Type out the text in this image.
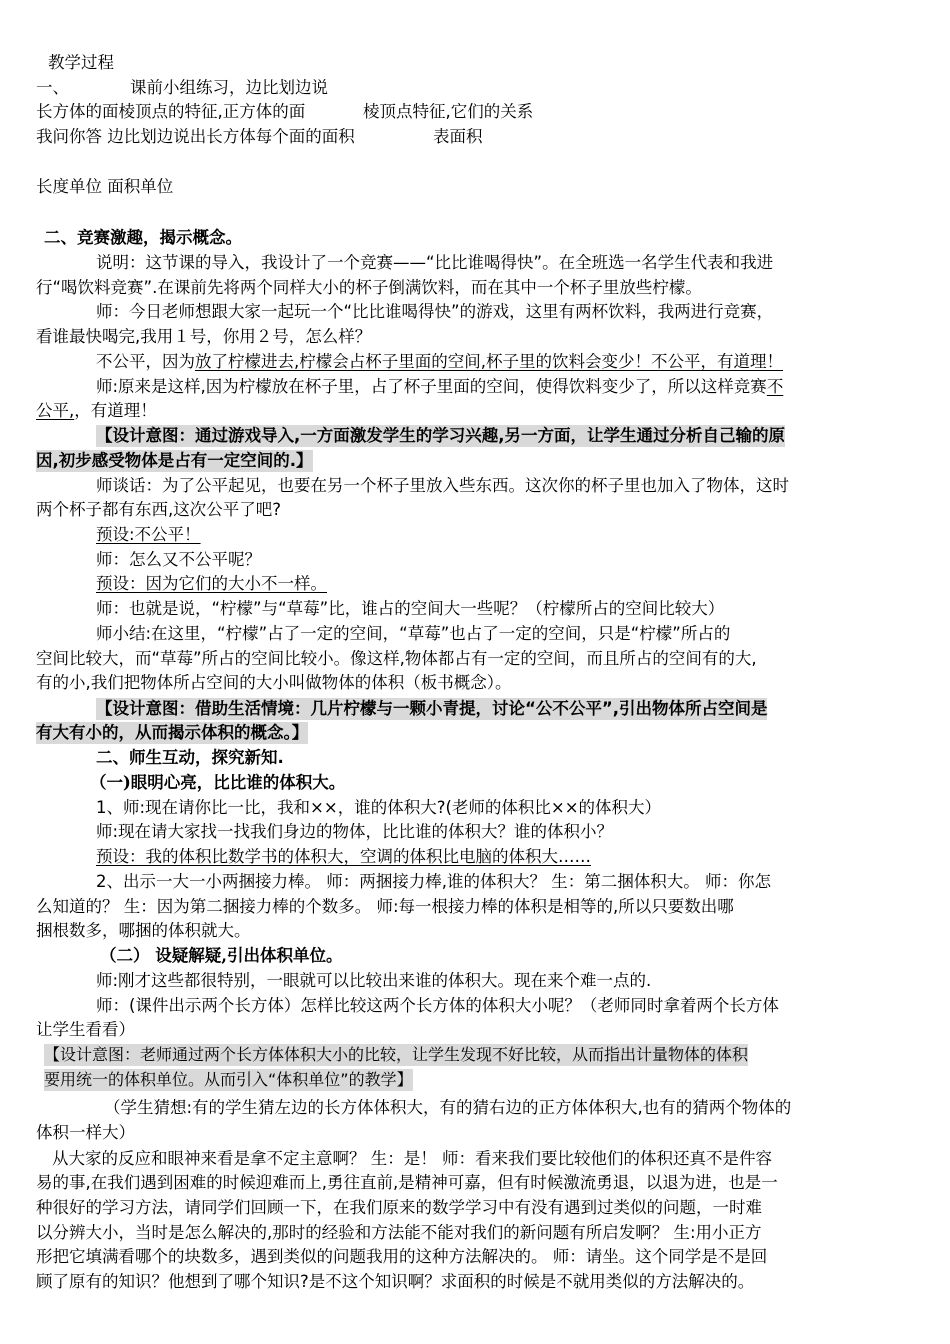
教学过程
一、	课前小组练习，边比划边说
长方体的面棱顶点的特征,正方体的面	棱顶点特征,它们的关系
我问你答 边比划边说出长方体每个面的面积	表面积
长度单位 面积单位
二、竞赛激趣，揭示概念。
说明：这节课的导入，我设计了一个竞赛——“比比谁喝得快”。在全班选一名学生代表和我进
行“喝饮料竞赛”.在课前先将两个同样大小的杯子倒满饮料，而在其中一个杯子里放些柠檬。
师：今日老师想跟大家一起玩一个“比比谁喝得快”的游戏，这里有两杯饮料，我两进行竞赛，
看谁最快喝完,我用１号，你用２号，怎么样？
不公平，因为放了柠檬进去,柠檬会占杯子里面的空间,杯子里的饮料会变少！不公平，有道理！
师:原来是这样,因为柠檬放在杯子里，占了杯子里面的空间，使得饮料变少了，所以这样竞赛不
公平,，有道理！
【设计意图：通过游戏导入,一方面激发学生的学习兴趣,另一方面，让学生通过分析自己输的原
因,初步感受物体是占有一定空间的.】
师谈话：为了公平起见，也要在另一个杯子里放入些东西。这次你的杯子里也加入了物体，这时
两个杯子都有东西,这次公平了吧?
预设:不公平！
师：怎么又不公平呢？
预设：因为它们的大小不一样。
师：也就是说，“柠檬”与“草莓”比，谁占的空间大一些呢？（柠檬所占的空间比较大）
师小结:在这里，“柠檬”占了一定的空间，“草莓”也占了一定的空间，只是“柠檬”所占的
空间比较大，而“草莓”所占的空间比较小。像这样,物体都占有一定的空间，而且所占的空间有的大,
有的小,我们把物体所占空间的大小叫做物体的体积（板书概念）。
【设计意图：借助生活情境：几片柠檬与一颗小青提，讨论“公不公平”,引出物体所占空间是
有大有小的，从而揭示体积的概念。】
二、师生互动，探究新知.
（一)眼明心亮，比比谁的体积大。
1、师:现在请你比一比，我和××，谁的体积大?(老师的体积比××的体积大）
师:现在请大家找一找我们身边的物体，比比谁的体积大？谁的体积小？
预设：我的体积比数学书的体积大，空调的体积比电脑的体积大……
2、出示一大一小两捆接力棒。 师：两捆接力棒,谁的体积大？ 生：第二捆体积大。 师：你怎
么知道的？ 生：因为第二捆接力棒的个数多。 师:每一根接力棒的体积是相等的,所以只要数出哪
捆根数多，哪捆的体积就大。
（二） 设疑解疑,引出体积单位。
师:刚才这些都很特别，一眼就可以比较出来谁的体积大。现在来个难一点的.
师：(课件出示两个长方体）怎样比较这两个长方体的体积大小呢？（老师同时拿着两个长方体
让学生看看）
【设计意图：老师通过两个长方体体积大小的比较，让学生发现不好比较，从而指出计量物体的体积
要用统一的体积单位。从而引入“体积单位”的教学】
（学生猜想:有的学生猜左边的长方体体积大，有的猜右边的正方体体积大,也有的猜两个物体的
体积一样大）
从大家的反应和眼神来看是拿不定主意啊？ 生：是！ 师：看来我们要比较他们的体积还真不是件容
易的事,在我们遇到困难的时候迎难而上,勇往直前,是精神可嘉，但有时候激流勇退，以退为进，也是一
种很好的学习方法，请同学们回顾一下，在我们原来的数学学习中有没有遇到过类似的问题，一时难
以分辨大小，当时是怎么解决的,那时的经验和方法能不能对我们的新问题有所启发啊？ 生:用小正方
形把它填满看哪个的块数多，遇到类似的问题我用的这种方法解决的。 师：请坐。这个同学是不是回
顾了原有的知识？他想到了哪个知识?是不这个知识啊？求面积的时候是不就用类似的方法解决的。
